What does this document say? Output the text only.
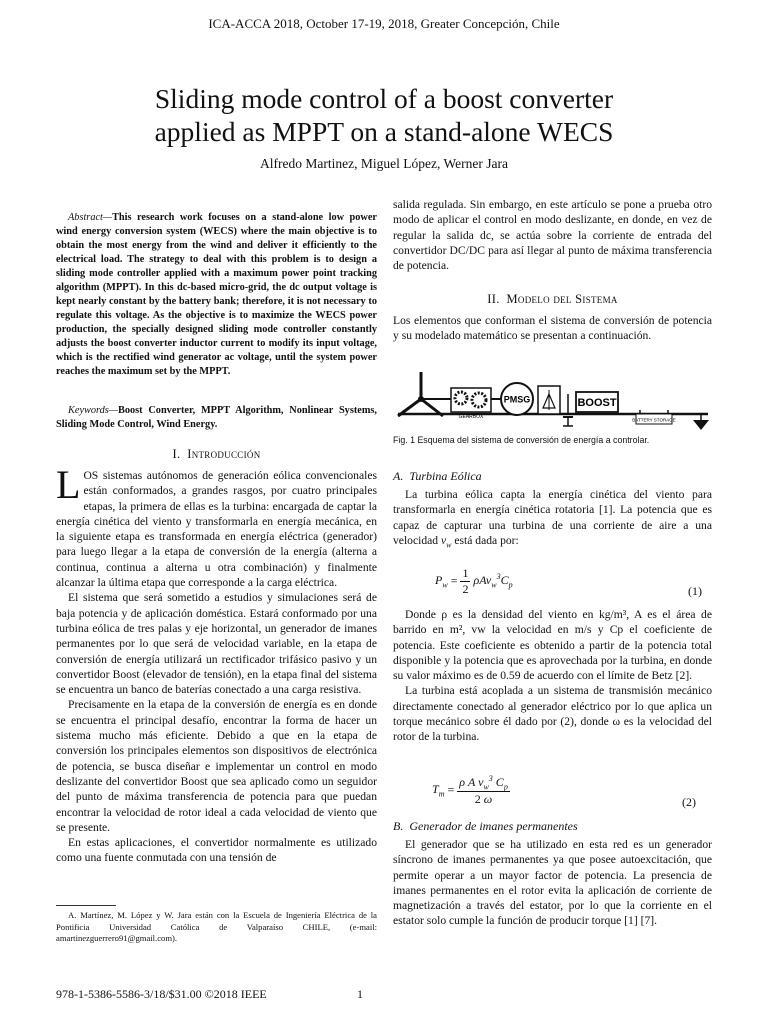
ICA-ACCA 2018, October 17-19, 2018, Greater Concepción, Chile
Sliding mode control of a boost converter
applied as MPPT on a stand-alone WECS
Alfredo Martinez, Miguel López, Werner Jara

Abstract—This research work focuses on a stand-alone low power wind energy conversion system (WECS) where the main objective is to obtain the most energy from the wind and deliver it efficiently to the electrical load. The strategy to deal with this problem is to design a sliding mode controller applied with a maximum power point tracking algorithm (MPPT). In this dc-based micro-grid, the dc output voltage is kept nearly constant by the battery bank; therefore, it is not necessary to regulate this voltage. As the objective is to maximize the WECS power production, the specially designed sliding mode controller constantly adjusts the boost converter inductor current to modify its input voltage, which is the rectified wind generator ac voltage, until the system power reaches the maximum set by the MPPT.

Keywords—Boost Converter, MPPT Algorithm, Nonlinear Systems, Sliding Mode Control, Wind Energy.

I. Introducción

LOS sistemas autónomos de generación eólica convencionales están conformados, a grandes rasgos, por cuatro principales etapas, la primera de ellas es la turbina: encargada de captar la energía cinética del viento y transformarla en energía mecánica, en la siguiente etapa es transformada en energía eléctrica (generador) para luego llegar a la etapa de conversión de la energía (alterna a continua, continua a alterna u otra combinación) y finalmente alcanzar la última etapa que corresponde a la carga eléctrica.

El sistema que será sometido a estudios y simulaciones será de baja potencia y de aplicación doméstica. Estará conformado por una turbina eólica de tres palas y eje horizontal, un generador de imanes permanentes por lo que será de velocidad variable, en la etapa de conversión de energía utilizará un rectificador trifásico pasivo y un convertidor Boost (elevador de tensión), en la etapa final del sistema se encuentra un banco de baterías conectado a una carga resistiva.

Precisamente en la etapa de la conversión de energía es en donde se encuentra el principal desafío, encontrar la forma de hacer un sistema mucho más eficiente. Debido a que en la etapa de conversión los principales elementos son dispositivos de electrónica de potencia, se busca diseñar e implementar un control en modo deslizante del convertidor Boost que sea aplicado como un seguidor del punto de máxima transferencia de potencia para que puedan encontrar la velocidad de rotor ideal a cada velocidad de viento que se presente.

En estas aplicaciones, el convertidor normalmente es utilizado como una fuente conmutada con una tensión de

A. Martínez, M. López y W. Jara están con la Escuela de Ingeniería Eléctrica de la Pontificia Universidad Católica de Valparaíso CHILE, (e-mail: amartinezguerrero91@gmail.com).

salida regulada. Sin embargo, en este artículo se pone a prueba otro modo de aplicar el control en modo deslizante, en donde, en vez de regular la salida dc, se actúa sobre la corriente de entrada del convertidor DC/DC para así llegar al punto de máxima transferencia de potencia.

II. Modelo del Sistema

Los elementos que conforman el sistema de conversión de potencia y su modelado matemático se presentan a continuación.

GEARBOX
PMSG	BOOST
BATTERY STORAGE
Fig. 1 Esquema del sistema de conversión de energía a controlar.
A. Turbina Eólica

La turbina eólica capta la energía cinética del viento para transformarla en energía cinética rotatoria [1]. La potencia que es capaz de capturar una turbina de una corriente de aire a una velocidad $v_w$ está dada por:

$P_w = \frac{1}{2} \rho Av_w^3C_p$	(1)

Donde ρ es la densidad del viento en kg/m³, A es el área de barrido en m², vw la velocidad en m/s y Cp el coeficiente de potencia. Este coeficiente es obtenido a partir de la potencia total disponible y la potencia que es aprovechada por la turbina, en donde su valor máximo es de 0.59 de acuerdo con el límite de Betz [2].

La turbina está acoplada a un sistema de transmisión mecánico directamente conectado al generador eléctrico por lo que aplica un torque mecánico sobre él dado por (2), donde ω es la velocidad del rotor de la turbina.

$T_m = \frac{\rho A v_w^3 C_p}{2 \omega}$	(2)
B. Generador de imanes permanentes

El generador que se ha utilizado en esta red es un generador síncrono de imanes permanentes ya que posee autoexcitación, que permite operar a un mayor factor de potencia. La presencia de imanes permanentes en el rotor evita la aplicación de corriente de magnetización a través del estator, por lo que la corriente en el estator solo cumple la función de producir torque [1] [7].

978-1-5386-5586-3/18/$31.00 ©2018 IEEE	1
